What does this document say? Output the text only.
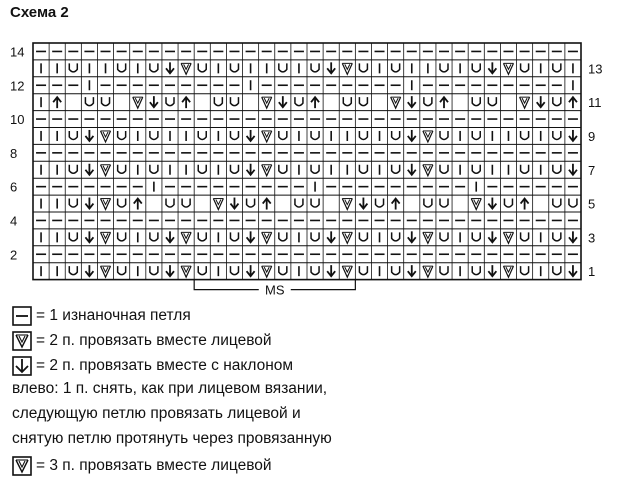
Схема 2
14
12
10
8
6
4
2
13
11
9
7
5
3
1
MS
= 1 изнаночная петля
= 2 п. провязать вместе лицевой
= 2 п. провязать вместе с наклоном
влево: 1 п. снять, как при лицевом вязании,
следующую петлю провязать лицевой и
снятую петлю протянуть через провязанную
= 3 п. провязать вместе лицевой
